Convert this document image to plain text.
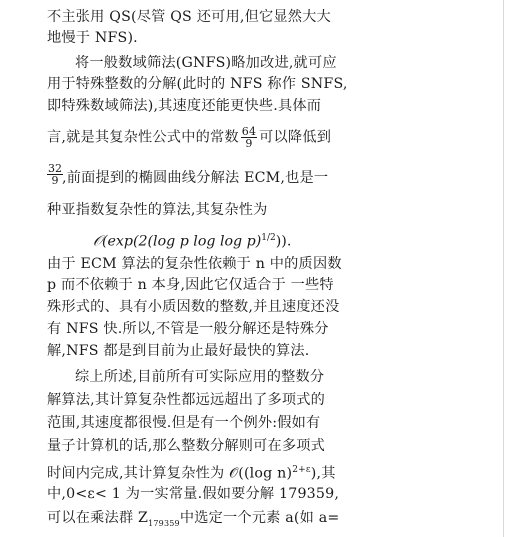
不主张用 QS(尽管 QS 还可用,但它显然大大
地慢于 NFS).
将一般数域筛法(GNFS)略加改进,就可应
用于特殊整数的分解(此时的 NFS 称作 SNFS,
即特殊数域筛法),其速度还能更快些.具体而
言,就是其复杂性公式中的常数 $\frac{64}{9}$ 可以降低到
$\frac{32}{9}$ ,前面提到的椭圆曲线分解法 ECM,也是一
种亚指数复杂性的算法,其复杂性为
𝒪(exp(2(log p log log p)$^{1/2}$)).
由于 ECM 算法的复杂性依赖于 n 中的质因数
p 而不依赖于 n 本身,因此它仅适合于 一些特
殊形式的、具有小质因数的整数,并且速度还没
有 NFS 快.所以,不管是一般分解还是特殊分
解,NFS 都是到目前为止最好最快的算法.
综上所述,目前所有可实际应用的整数分
解算法,其计算复杂性都远远超出了多项式的
范围,其速度都很慢.但是有一个例外:假如有
量子计算机的话,那么整数分解则可在多项式
时间内完成,其计算复杂性为 𝒪((log n)$^{2+\varepsilon}$),其
中,0<ε< 1 为一实常量.假如要分解 179359,
可以在乘法群 $Z_{179359}$中选定一个元素 a(如 a=
